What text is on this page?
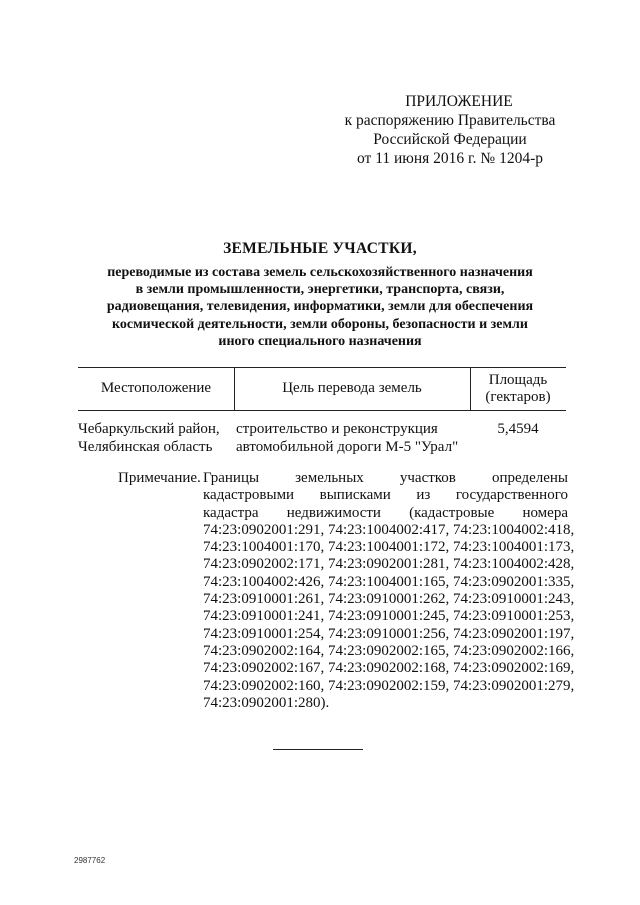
ПРИЛОЖЕНИЕ
к распоряжению Правительства
Российской Федерации
от 11 июня 2016 г. № 1204-р
ЗЕМЕЛЬНЫЕ УЧАСТКИ,
переводимые из состава земель сельскохозяйственного назначения
в земли промышленности, энергетики, транспорта, связи,
радиовещания, телевидения, информатики, земли для обеспечения
космической деятельности, земли обороны, безопасности и земли
иного специального назначения
Местоположение	Цель перевода земель
Площадь
(гектаров)
Чебаркульский район,
Челябинская область
строительство и реконструкция
автомобильной дороги М-5 "Урал"
5,4594
Примечание. Границы земельных участков определены
кадастровыми выписками из государственного
кадастра недвижимости (кадастровые номера
74:23:0902001:291, 74:23:1004002:417, 74:23:1004002:418,
74:23:1004001:170, 74:23:1004001:172, 74:23:1004001:173,
74:23:0902002:171, 74:23:0902001:281, 74:23:1004002:428,
74:23:1004002:426, 74:23:1004001:165, 74:23:0902001:335,
74:23:0910001:261, 74:23:0910001:262, 74:23:0910001:243,
74:23:0910001:241, 74:23:0910001:245, 74:23:0910001:253,
74:23:0910001:254, 74:23:0910001:256, 74:23:0902001:197,
74:23:0902002:164, 74:23:0902002:165, 74:23:0902002:166,
74:23:0902002:167, 74:23:0902002:168, 74:23:0902002:169,
74:23:0902002:160, 74:23:0902002:159, 74:23:0902001:279,
74:23:0902001:280).
2987762
